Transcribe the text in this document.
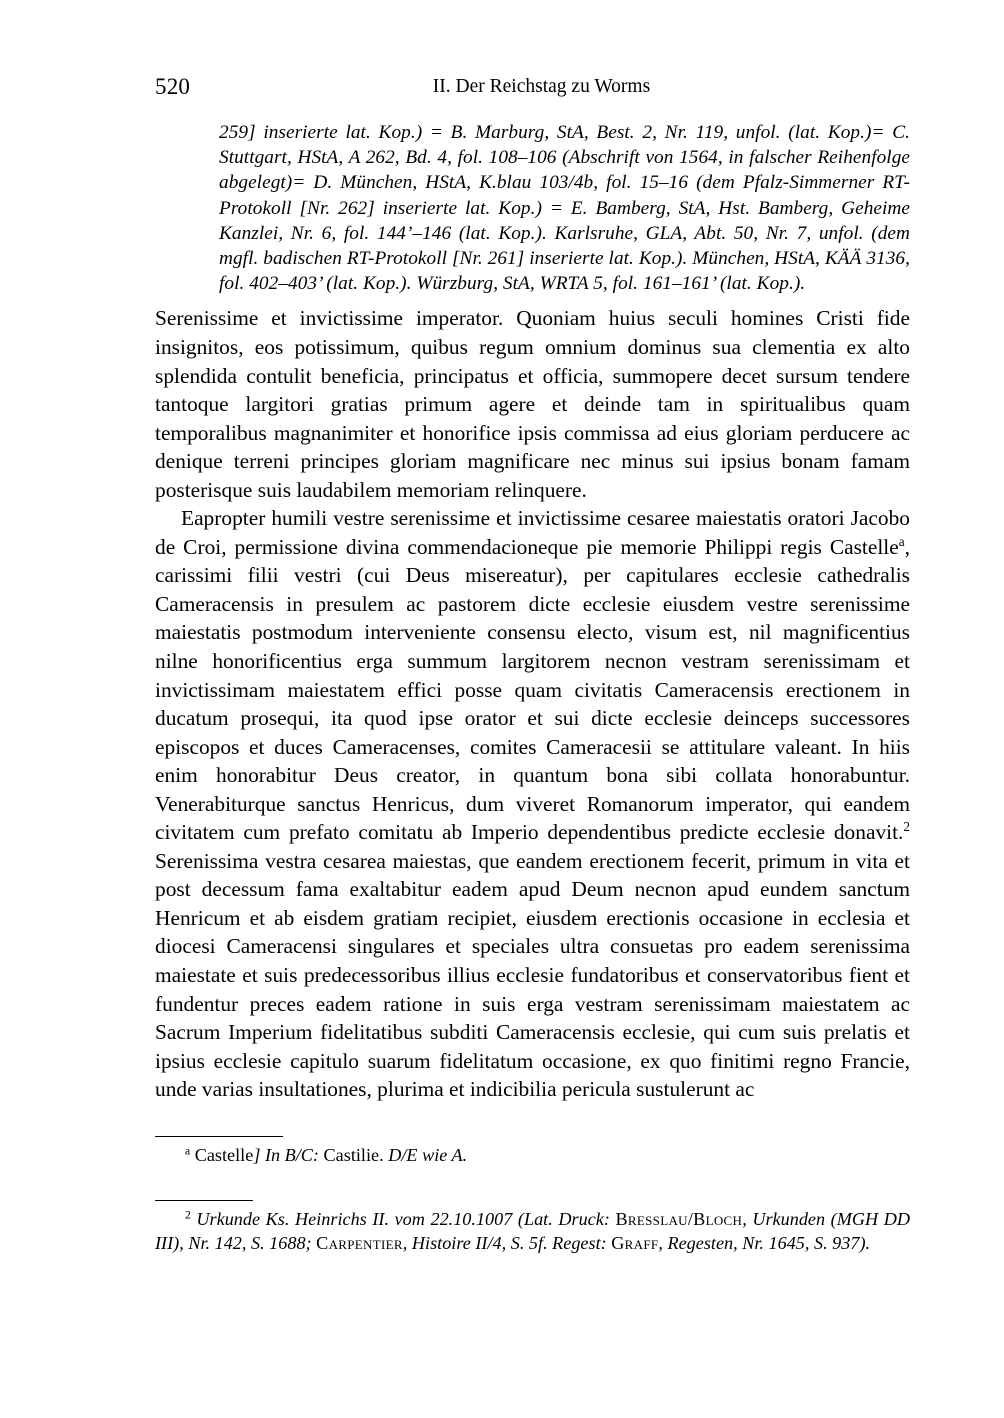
520	II. Der Reichstag zu Worms

259] inserierte lat. Kop.) = B. Marburg, StA, Best. 2, Nr. 119, unfol. (lat. Kop.)= C. Stuttgart, HStA, A 262, Bd. 4, fol. 108–106 (Abschrift von 1564, in falscher Reihenfolge abgelegt)= D. München, HStA, K.blau 103/4b, fol. 15–16 (dem Pfalz-Simmerner RT-Protokoll [Nr. 262] inserierte lat. Kop.) = E. Bamberg, StA, Hst. Bamberg, Geheime Kanzlei, Nr. 6, fol. 144’–146 (lat. Kop.). Karlsruhe, GLA, Abt. 50, Nr. 7, unfol. (dem mgfl. badischen RT-Protokoll [Nr. 261] inserierte lat. Kop.). München, HStA, KÄÄ 3136, fol. 402–403’ (lat. Kop.). Würzburg, StA, WRTA 5, fol. 161–161’ (lat. Kop.).

Serenissime et invictissime imperator. Quoniam huius seculi homines Cristi fide insignitos, eos potissimum, quibus regum omnium dominus sua clementia ex alto splendida contulit beneficia, principatus et officia, summopere decet sursum tendere tantoque largitori gratias primum agere et deinde tam in spiritualibus quam temporalibus magnanimiter et honorifice ipsis commissa ad eius gloriam perducere ac denique terreni principes gloriam magnificare nec minus sui ipsius bonam famam posterisque suis laudabilem memoriam relinquere.

Eapropter humili vestre serenissime et invictissime cesaree maiestatis oratori Jacobo de Croi, permissione divina commendacioneque pie memorie Philippi regis Castelle$^a$, carissimi filii vestri (cui Deus misereatur), per capitulares ecclesie cathedralis Cameracensis in presulem ac pastorem dicte ecclesie eiusdem vestre serenissime maiestatis postmodum interveniente consensu electo, visum est, nil magnificentius nilne honorificentius erga summum largitorem necnon vestram serenissimam et invictissimam maiestatem effici posse quam civitatis Cameracensis erectionem in ducatum prosequi, ita quod ipse orator et sui dicte ecclesie deinceps successores episcopos et duces Cameracenses, comites Cameracesii se attitulare valeant. In hiis enim honorabitur Deus creator, in quantum bona sibi collata honorabuntur. Venerabiturque sanctus Henricus, dum viveret Romanorum imperator, qui eandem civitatem cum prefato comitatu ab Imperio dependentibus predicte ecclesie donavit.$^2$ Serenissima vestra cesarea maiestas, que eandem erectionem fecerit, primum in vita et post decessum fama exaltabitur eadem apud Deum necnon apud eundem sanctum Henricum et ab eisdem gratiam recipiet, eiusdem erectionis occasione in ecclesia et diocesi Cameracensi singulares et speciales ultra consuetas pro eadem serenissima maiestate et suis predecessoribus illius ecclesie fundatoribus et conservatoribus fient et fundentur preces eadem ratione in suis erga vestram serenissimam maiestatem ac Sacrum Imperium fidelitatibus subditi Cameracensis ecclesie, qui cum suis prelatis et ipsius ecclesie capitulo suarum fidelitatum occasione, ex quo finitimi regno Francie, unde varias insultationes, plurima et indicibilia pericula sustulerunt ac

$^a$ Castelle] In B/C: Castilie. D/E wie A.

$^2$ Urkunde Ks. Heinrichs II. vom 22.10.1007 (Lat. Druck: Bresslau/Bloch, Urkunden (MGH DD III), Nr. 142, S. 1688; Carpentier, Histoire II/4, S. 5f. Regest: Graff, Regesten, Nr. 1645, S. 937).
